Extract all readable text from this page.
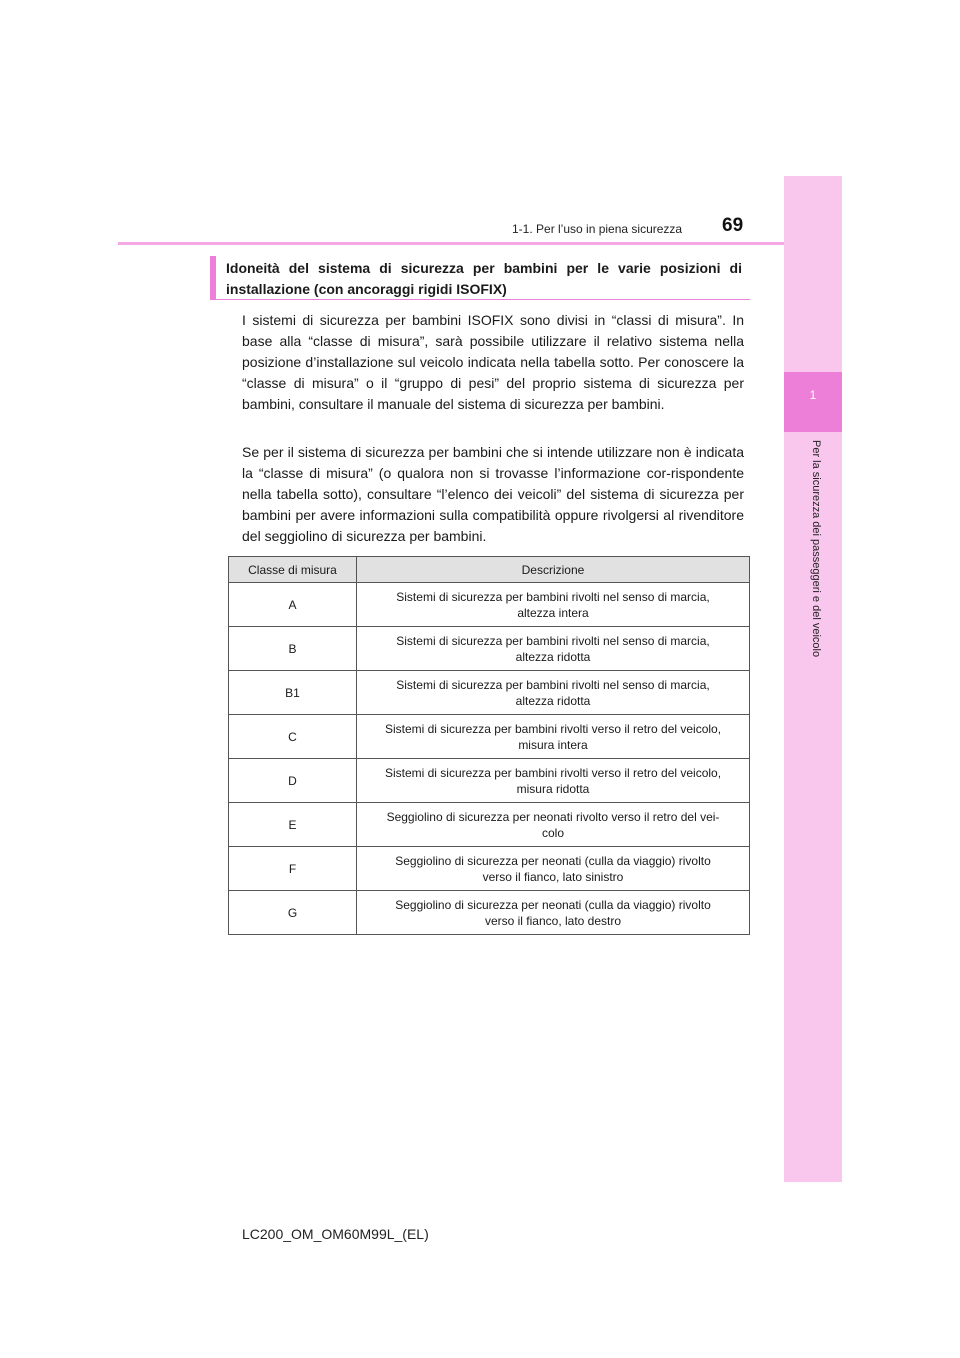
1
Per la sicurezza dei passeggeri e del veicolo
1-1. Per l’uso in piena sicurezza 69
Idoneità del sistema di sicurezza per bambini per le varie posizioni di installazione (con ancoraggi rigidi ISOFIX)

I sistemi di sicurezza per bambini ISOFIX sono divisi in “classi di misura”. In base alla “classe di misura”, sarà possibile utilizzare il relativo sistema nella posizione d’installazione sul veicolo indicata nella tabella sotto. Per conoscere la “classe di misura” o il “gruppo di pesi” del proprio sistema di sicurezza per bambini, consultare il manuale del sistema di sicurezza per bambini.

Se per il sistema di sicurezza per bambini che si intende utilizzare non è indicata la “classe di misura” (o qualora non si trovasse l’informazione cor-rispondente nella tabella sotto), consultare “l’elenco dei veicoli” del sistema di sicurezza per bambini per avere informazioni sulla compatibilità oppure rivolgersi al rivenditore del seggiolino di sicurezza per bambini.

Classe di misura	Descrizione
A	Sistemi di sicurezza per bambini rivolti nel senso di marcia,
altezza intera
B	Sistemi di sicurezza per bambini rivolti nel senso di marcia,
altezza ridotta
B1	Sistemi di sicurezza per bambini rivolti nel senso di marcia,
altezza ridotta
C	Sistemi di sicurezza per bambini rivolti verso il retro del veicolo,
misura intera
D	Sistemi di sicurezza per bambini rivolti verso il retro del veicolo,
misura ridotta
E	Seggiolino di sicurezza per neonati rivolto verso il retro del vei-
colo
F	Seggiolino di sicurezza per neonati (culla da viaggio) rivolto
verso il fianco, lato sinistro
G	Seggiolino di sicurezza per neonati (culla da viaggio) rivolto
verso il fianco, lato destro
LC200_OM_OM60M99L_(EL)
